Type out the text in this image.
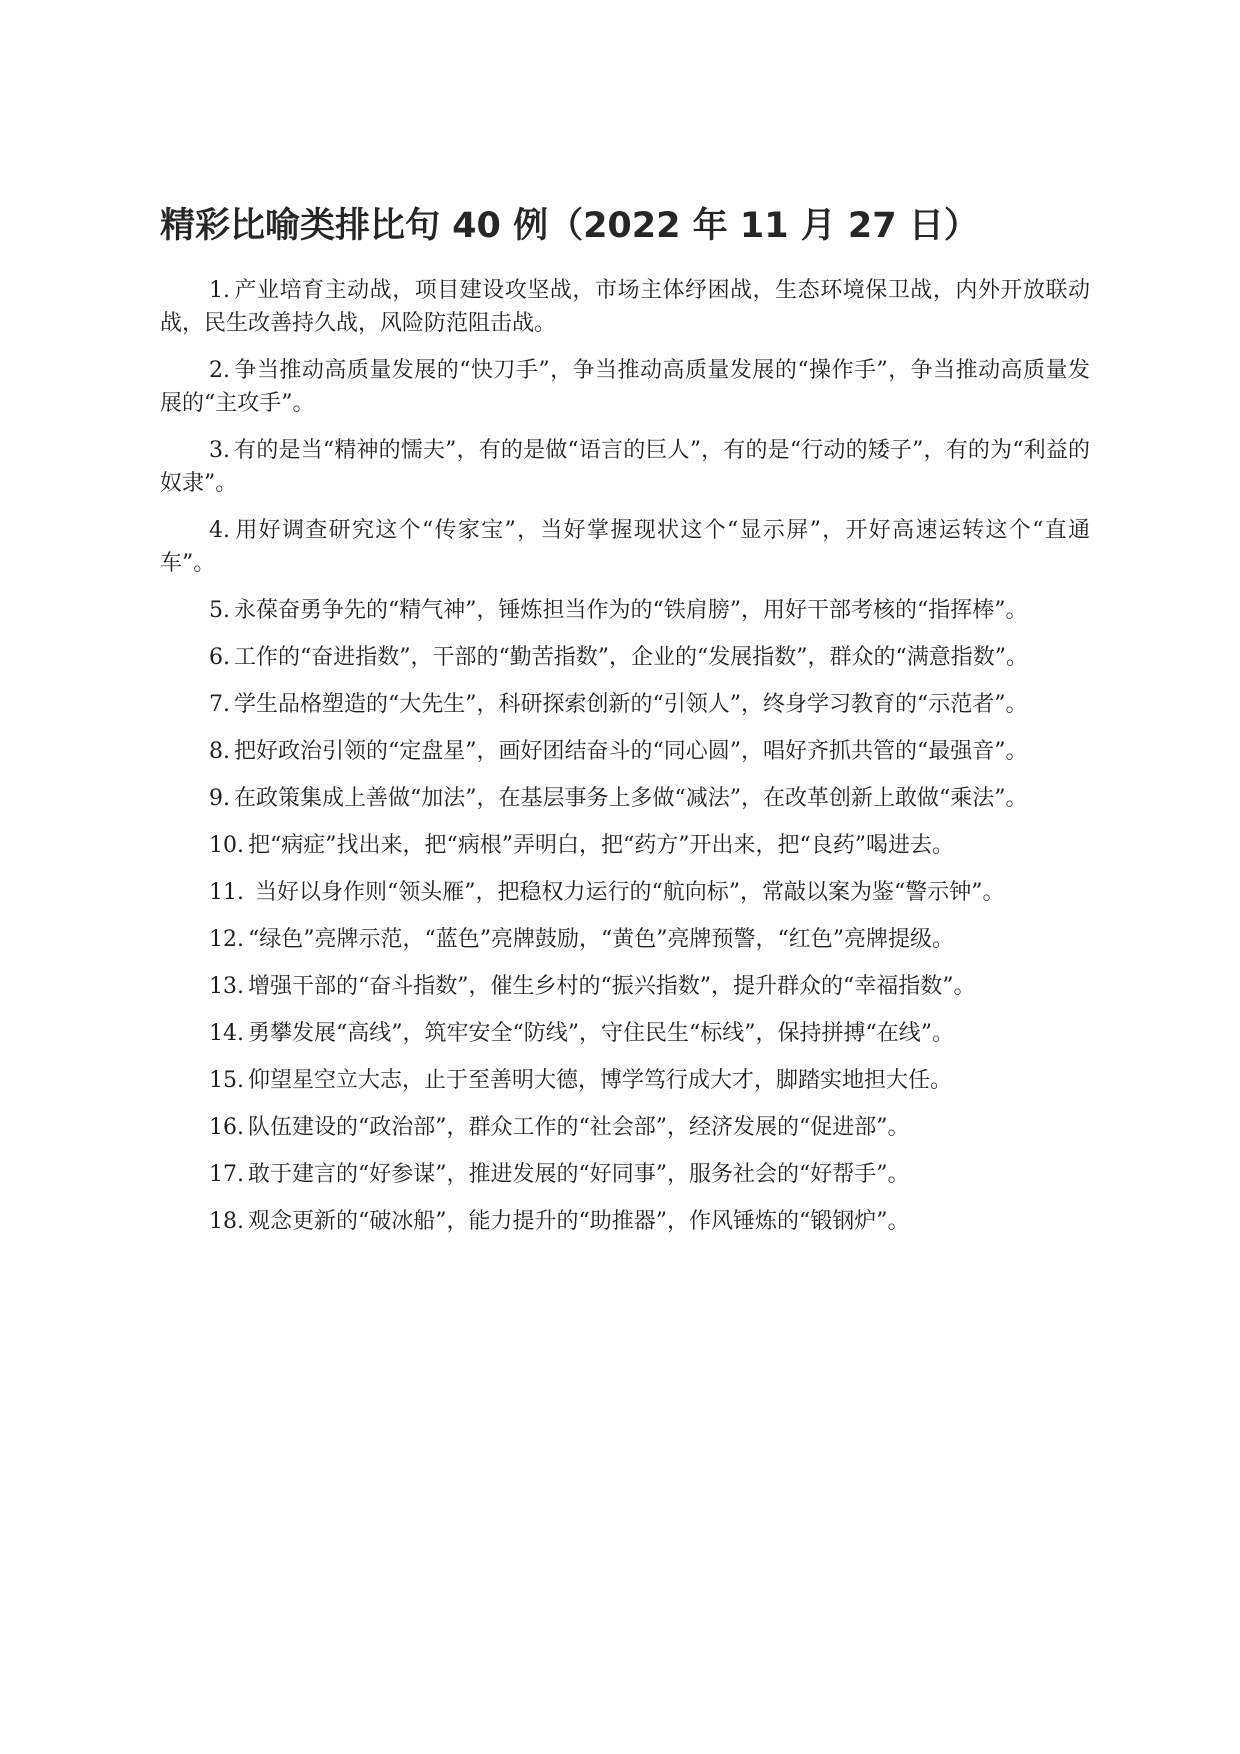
精彩比喻类排比句 40 例（2022 年 11 月 27 日）
1. 产业培育主动战，项目建设攻坚战，市场主体纾困战，生态环境保卫战，内外开放联动战，民生改善持久战，风险防范阻击战。
2. 争当推动高质量发展的“快刀手”，争当推动高质量发展的“操作手”，争当推动高质量发展的“主攻手”。
3. 有的是当“精神的懦夫”，有的是做“语言的巨人”，有的是“行动的矮子”，有的为“利益的奴隶”。
4. 用好调查研究这个“传家宝”，当好掌握现状这个“显示屏”，开好高速运转这个“直通车”。
5. 永葆奋勇争先的“精气神”，锤炼担当作为的“铁肩膀”，用好干部考核的“指挥棒”。
6. 工作的“奋进指数”，干部的“勤苦指数”，企业的“发展指数”，群众的“满意指数”。
7. 学生品格塑造的“大先生”，科研探索创新的“引领人”，终身学习教育的“示范者”。
8. 把好政治引领的“定盘星”，画好团结奋斗的“同心圆”，唱好齐抓共管的“最强音”。
9. 在政策集成上善做“加法”，在基层事务上多做“减法”，在改革创新上敢做“乘法”。
10. 把“病症”找出来，把“病根”弄明白，把“药方”开出来，把“良药”喝进去。
11. 当好以身作则“领头雁”，把稳权力运行的“航向标”，常敲以案为鉴“警示钟”。
12. “绿色”亮牌示范，“蓝色”亮牌鼓励，“黄色”亮牌预警，“红色”亮牌提级。
13. 增强干部的“奋斗指数”，催生乡村的“振兴指数”，提升群众的“幸福指数”。
14. 勇攀发展“高线”，筑牢安全“防线”，守住民生“标线”，保持拼搏“在线”。
15. 仰望星空立大志，止于至善明大德，博学笃行成大才，脚踏实地担大任。
16. 队伍建设的“政治部”，群众工作的“社会部”，经济发展的“促进部”。
17. 敢于建言的“好参谋”，推进发展的“好同事”，服务社会的“好帮手”。
18. 观念更新的“破冰船”，能力提升的“助推器”，作风锤炼的“锻钢炉”。
